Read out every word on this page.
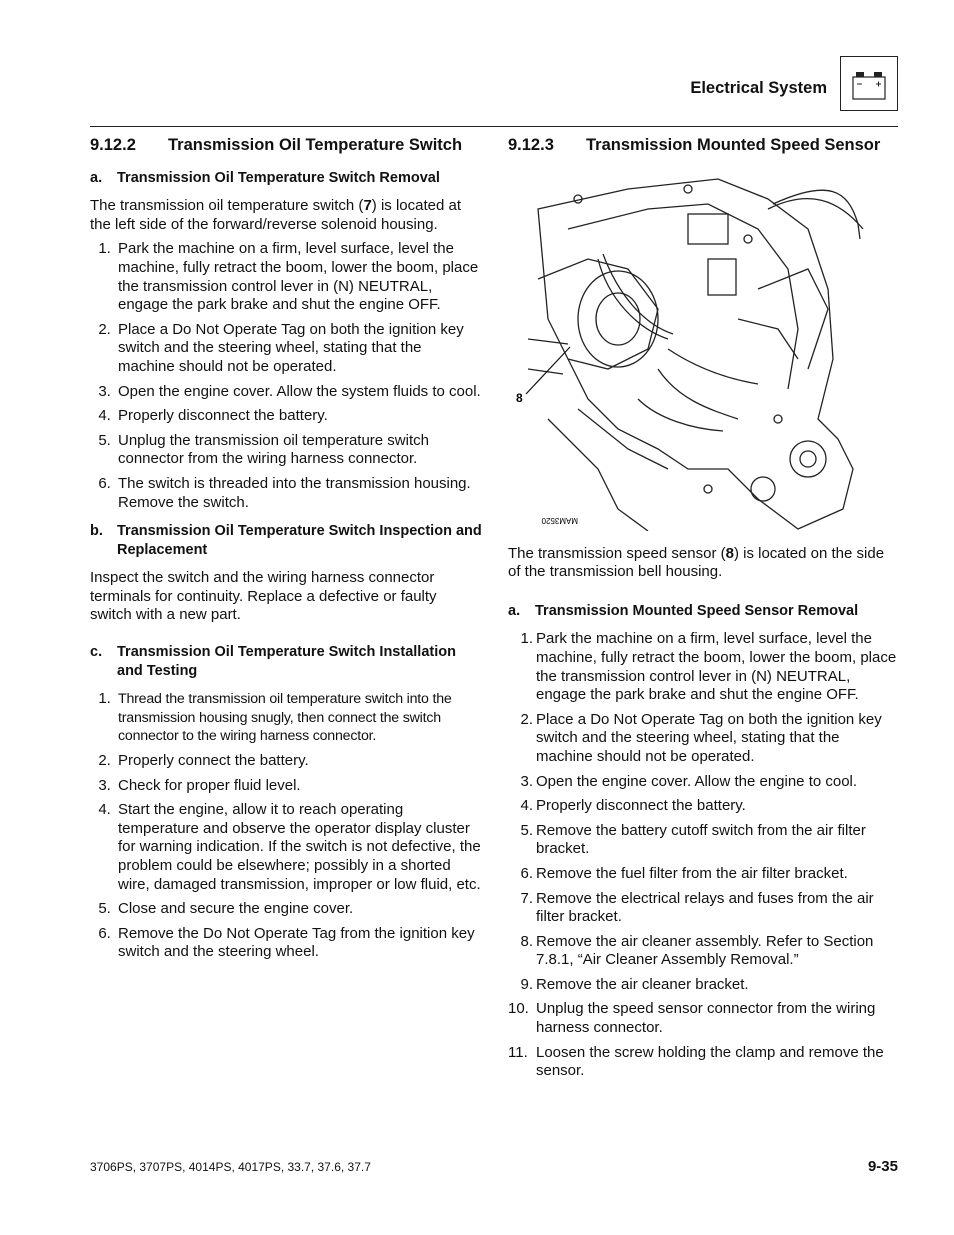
Electrical System
9.12.2	Transmission Oil Temperature Switch
a.	Transmission Oil Temperature Switch Removal

The transmission oil temperature switch (7) is located at the left side of the forward/reverse solenoid housing.

1. Park the machine on a firm, level surface, level the machine, fully retract the boom, lower the boom, place the transmission control lever in (N) NEUTRAL, engage the park brake and shut the engine OFF.
2. Place a Do Not Operate Tag on both the ignition key switch and the steering wheel, stating that the machine should not be operated.
3. Open the engine cover. Allow the system fluids to cool.
4. Properly disconnect the battery.
5. Unplug the transmission oil temperature switch connector from the wiring harness connector.
6. The switch is threaded into the transmission housing. Remove the switch.
b. Transmission Oil Temperature Switch Inspection and Replacement

Inspect the switch and the wiring harness connector terminals for continuity. Replace a defective or faulty switch with a new part.

c.	Transmission Oil Temperature Switch Installation and Testing
1. Thread the transmission oil temperature switch into the transmission housing snugly, then connect the switch connector to the wiring harness connector.
2. Properly connect the battery.
3. Check for proper fluid level.
4. Start the engine, allow it to reach operating temperature and observe the operator display cluster for warning indication. If the switch is not defective, the problem could be elsewhere; possibly in a shorted wire, damaged transmission, improper or low fluid, etc.
5. Close and secure the engine cover.
6. Remove the Do Not Operate Tag from the ignition key switch and the steering wheel.
9.12.3	Transmission Mounted Speed Sensor
8
MAM3520

The transmission speed sensor (8) is located on the side of the transmission bell housing.

a.	Transmission Mounted Speed Sensor Removal
1. Park the machine on a firm, level surface, level the machine, fully retract the boom, lower the boom, place the transmission control lever in (N) NEUTRAL, engage the park brake and shut the engine OFF.
2. Place a Do Not Operate Tag on both the ignition key switch and the steering wheel, stating that the machine should not be operated.
3. Open the engine cover. Allow the engine to cool.
4. Properly disconnect the battery.
5. Remove the battery cutoff switch from the air filter bracket.
6. Remove the fuel filter from the air filter bracket.
7. Remove the electrical relays and fuses from the air filter bracket.
8. Remove the air cleaner assembly. Refer to Section 7.8.1, “Air Cleaner Assembly Removal.”
9. Remove the air cleaner bracket.
10. Unplug the speed sensor connector from the wiring harness connector.
11. Loosen the screw holding the clamp and remove the sensor.
3706PS, 3707PS, 4014PS, 4017PS, 33.7, 37.6, 37.7	9-35
